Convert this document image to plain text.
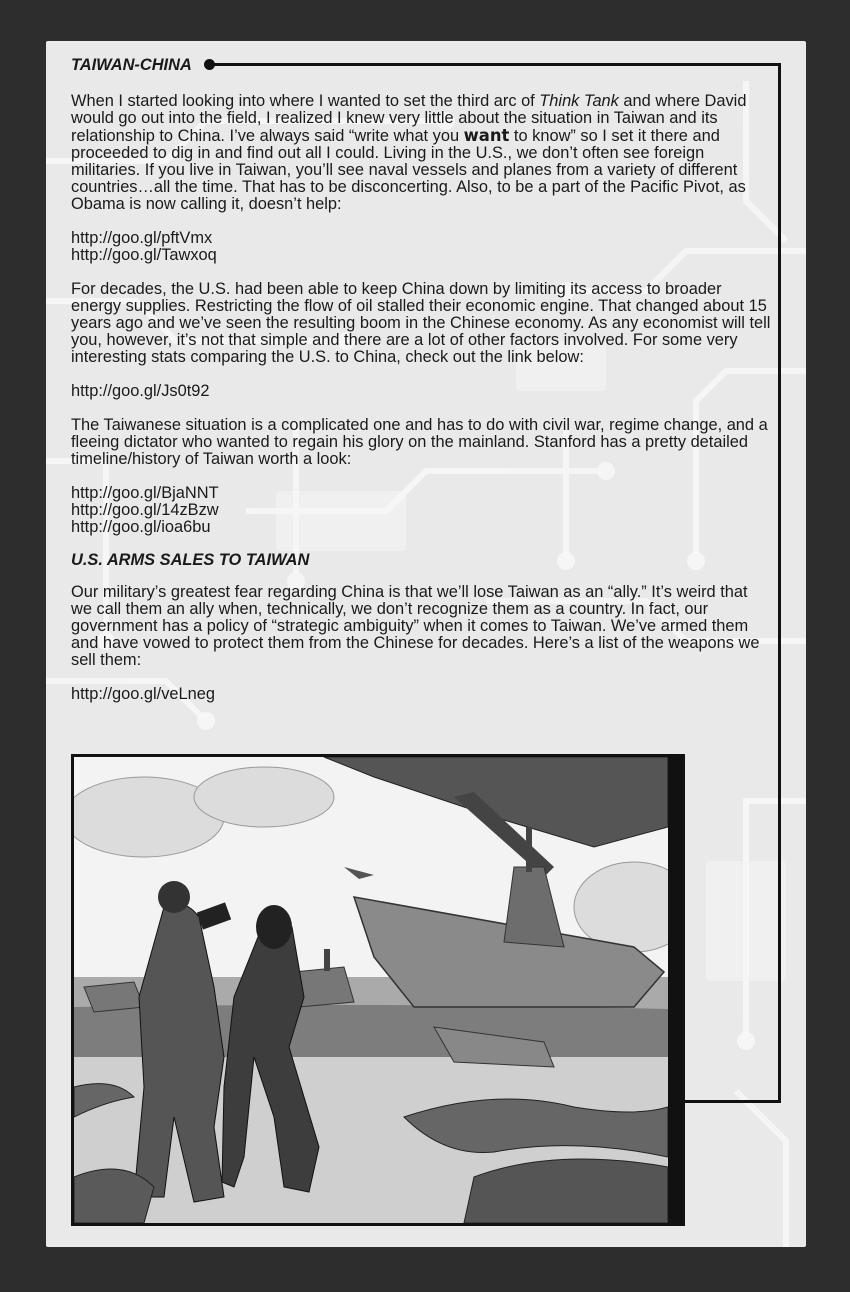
TAIWAN-CHINA

When I started looking into where I wanted to set the third arc of Think Tank and where David would go out into the field, I realized I knew very little about the situation in Taiwan and its relationship to China. I’ve always said “write what you want to know” so I set it there and proceeded to dig in and find out all I could. Living in the U.S., we don’t often see foreign militaries. If you live in Taiwan, you’ll see naval vessels and planes from a variety of different countries…all the time. That has to be disconcerting. Also, to be a part of the Pacific Pivot, as Obama is now calling it, doesn’t help:

http://goo.gl/pftVmx
http://goo.gl/Tawxoq

For decades, the U.S. had been able to keep China down by limiting its access to broader energy supplies. Restricting the flow of oil stalled their economic engine. That changed about 15 years ago and we’ve seen the resulting boom in the Chinese economy. As any economist will tell you, however, it’s not that simple and there are a lot of other factors involved. For some very interesting stats comparing the U.S. to China, check out the link below:

http://goo.gl/Js0t92

The Taiwanese situation is a complicated one and has to do with civil war, regime change, and a fleeing dictator who wanted to regain his glory on the mainland. Stanford has a pretty detailed timeline/history of Taiwan worth a look:

http://goo.gl/BjaNNT
http://goo.gl/14zBzw
http://goo.gl/ioa6bu
U.S. ARMS SALES TO TAIWAN

Our military’s greatest fear regarding China is that we’ll lose Taiwan as an “ally.” It’s weird that we call them an ally when, technically, we don’t recognize them as a country. In fact, our government has a policy of “strategic ambiguity” when it comes to Taiwan. We’ve armed them and have vowed to protect them from the Chinese for decades. Here’s a list of the weapons we sell them:

http://goo.gl/veLneg
